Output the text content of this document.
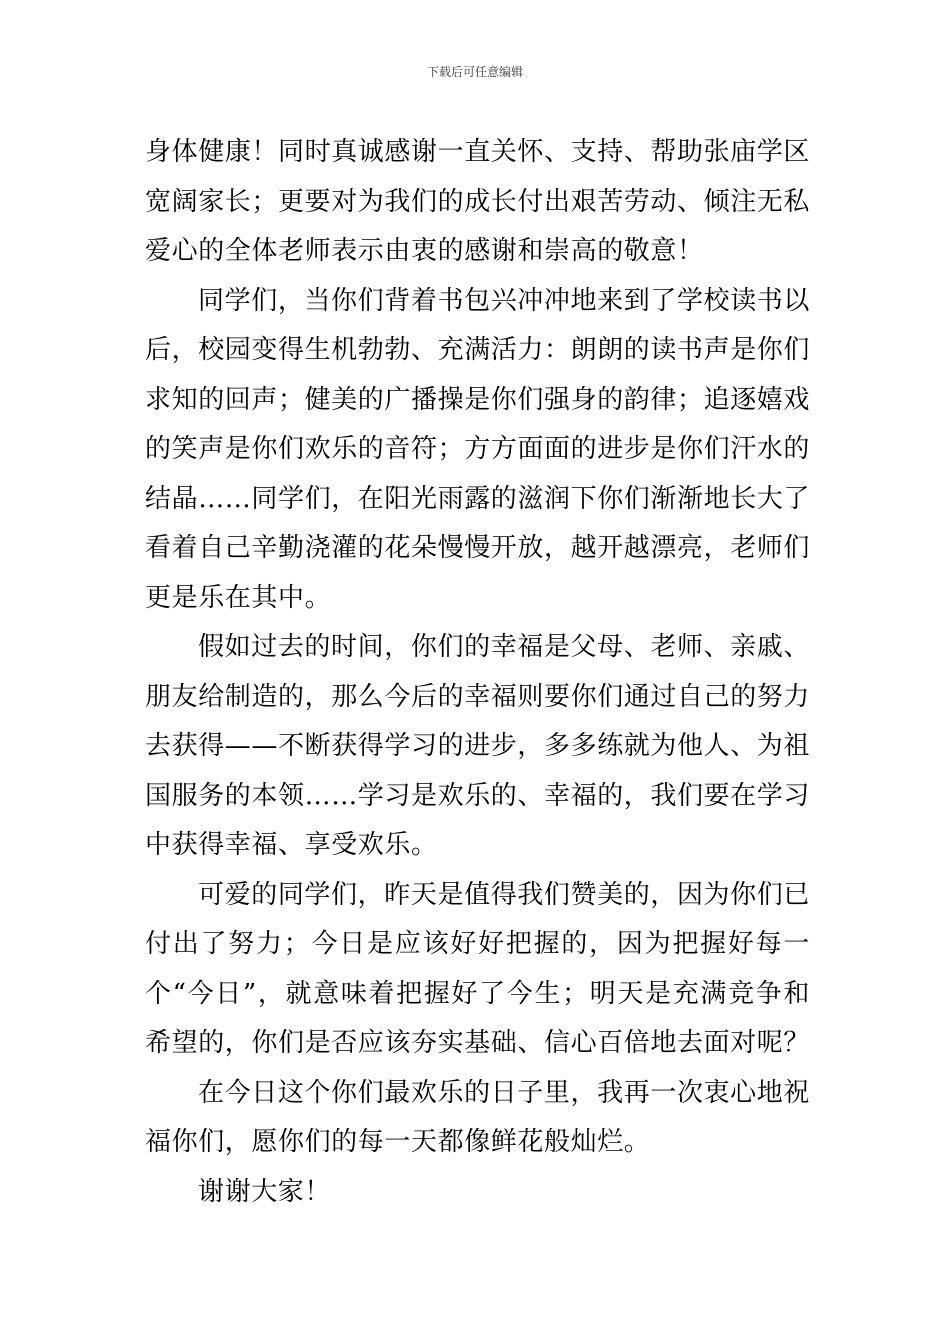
下载后可任意编辑

身体健康！同时真诚感谢一直关怀、支持、帮助张庙学区宽阔家长；更要对为我们的成长付出艰苦劳动、倾注无私爱心的全体老师表示由衷的感谢和崇高的敬意！

同学们，当你们背着书包兴冲冲地来到了学校读书以后，校园变得生机勃勃、充满活力：朗朗的读书声是你们求知的回声；健美的广播操是你们强身的韵律；追逐嬉戏的笑声是你们欢乐的音符；方方面面的进步是你们汗水的结晶……同学们，在阳光雨露的滋润下你们渐渐地长大了看着自己辛勤浇灌的花朵慢慢开放，越开越漂亮，老师们更是乐在其中。

假如过去的时间，你们的幸福是父母、老师、亲戚、朋友给制造的，那么今后的幸福则要你们通过自己的努力去获得——不断获得学习的进步，多多练就为他人、为祖国服务的本领……学习是欢乐的、幸福的，我们要在学习中获得幸福、享受欢乐。

可爱的同学们，昨天是值得我们赞美的，因为你们已付出了努力；今日是应该好好把握的，因为把握好每一个“今日”，就意味着把握好了今生；明天是充满竞争和希望的，你们是否应该夯实基础、信心百倍地去面对呢？

在今日这个你们最欢乐的日子里，我再一次衷心地祝福你们，愿你们的每一天都像鲜花般灿烂。

谢谢大家！
